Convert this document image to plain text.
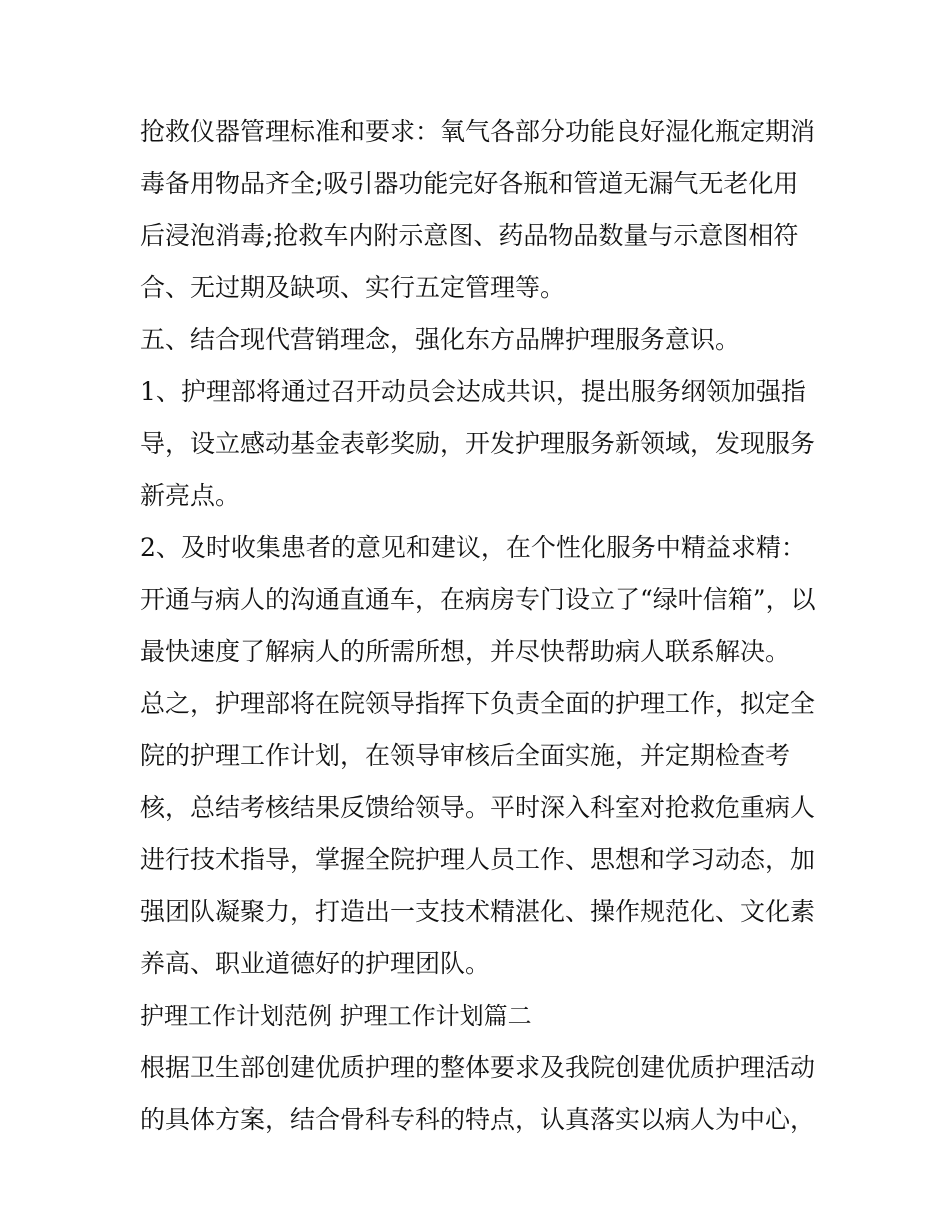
抢救仪器管理标准和要求：氧气各部分功能良好湿化瓶定期消
毒备用物品齐全;吸引器功能完好各瓶和管道无漏气无老化用
后浸泡消毒;抢救车内附示意图、药品物品数量与示意图相符
合、无过期及缺项、实行五定管理等。
五、结合现代营销理念，强化东方品牌护理服务意识。
1、护理部将通过召开动员会达成共识，提出服务纲领加强指
导，设立感动基金表彰奖励，开发护理服务新领域，发现服务
新亮点。
2、及时收集患者的意见和建议，在个性化服务中精益求精：
开通与病人的沟通直通车，在病房专门设立了“绿叶信箱”，以
最快速度了解病人的所需所想，并尽快帮助病人联系解决。
总之，护理部将在院领导指挥下负责全面的护理工作，拟定全
院的护理工作计划，在领导审核后全面实施，并定期检查考
核，总结考核结果反馈给领导。平时深入科室对抢救危重病人
进行技术指导，掌握全院护理人员工作、思想和学习动态，加
强团队凝聚力，打造出一支技术精湛化、操作规范化、文化素
养高、职业道德好的护理团队。
护理工作计划范例 护理工作计划篇二
根据卫生部创建优质护理的整体要求及我院创建优质护理活动
的具体方案，结合骨科专科的特点，认真落实以病人为中心，
